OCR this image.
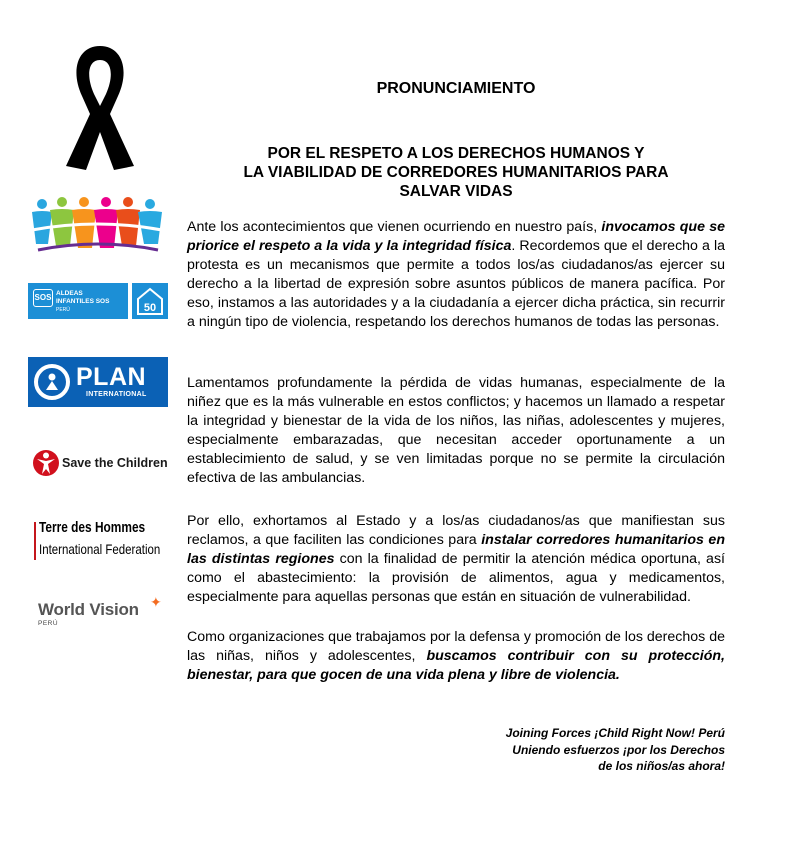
SOS ALDEAS
INFANTILES SOS
PERÚ	50
PLAN
INTERNATIONAL
Save the Children
Terre des Hommes
International Federation
World Vision
PERÚ
✦
PRONUNCIAMIENTO
POR EL RESPETO A LOS DERECHOS HUMANOS Y
LA VIABILIDAD DE CORREDORES HUMANITARIOS PARA
SALVAR VIDAS

Ante los acontecimientos que vienen ocurriendo en nuestro país, invocamos que se priorice el respeto a la vida y la integridad física. Recordemos que el derecho a la protesta es un mecanismos que permite a todos los/as ciudadanos/as ejercer su derecho a la libertad de expresión sobre asuntos públicos de manera pacífica. Por eso, instamos a las autoridades y a la ciudadanía a ejercer dicha práctica, sin recurrir a ningún tipo de violencia, respetando los derechos humanos de todas las personas.

Lamentamos profundamente la pérdida de vidas humanas, especialmente de la niñez que es la más vulnerable en estos conflictos; y hacemos un llamado a respetar la integridad y bienestar de la vida de los niños, las niñas, adolescentes y mujeres, especialmente embarazadas, que necesitan acceder oportunamente a un establecimiento de salud, y se ven limitadas porque no se permite la circulación efectiva de las ambulancias.

Por ello, exhortamos al Estado y a los/as ciudadanos/as que manifiestan sus reclamos, a que faciliten las condiciones para instalar corredores humanitarios en las distintas regiones con la finalidad de permitir la atención médica oportuna, así como el abastecimiento: la provisión de alimentos, agua y medicamentos, especialmente para aquellas personas que están en situación de vulnerabilidad.

Como organizaciones que trabajamos por la defensa y promoción de los derechos de las niñas, niños y adolescentes, buscamos contribuir con su protección, bienestar, para que gocen de una vida plena y libre de violencia.

Joining Forces ¡Child Right Now! Perú
Uniendo esfuerzos ¡por los Derechos
de los niños/as ahora!
